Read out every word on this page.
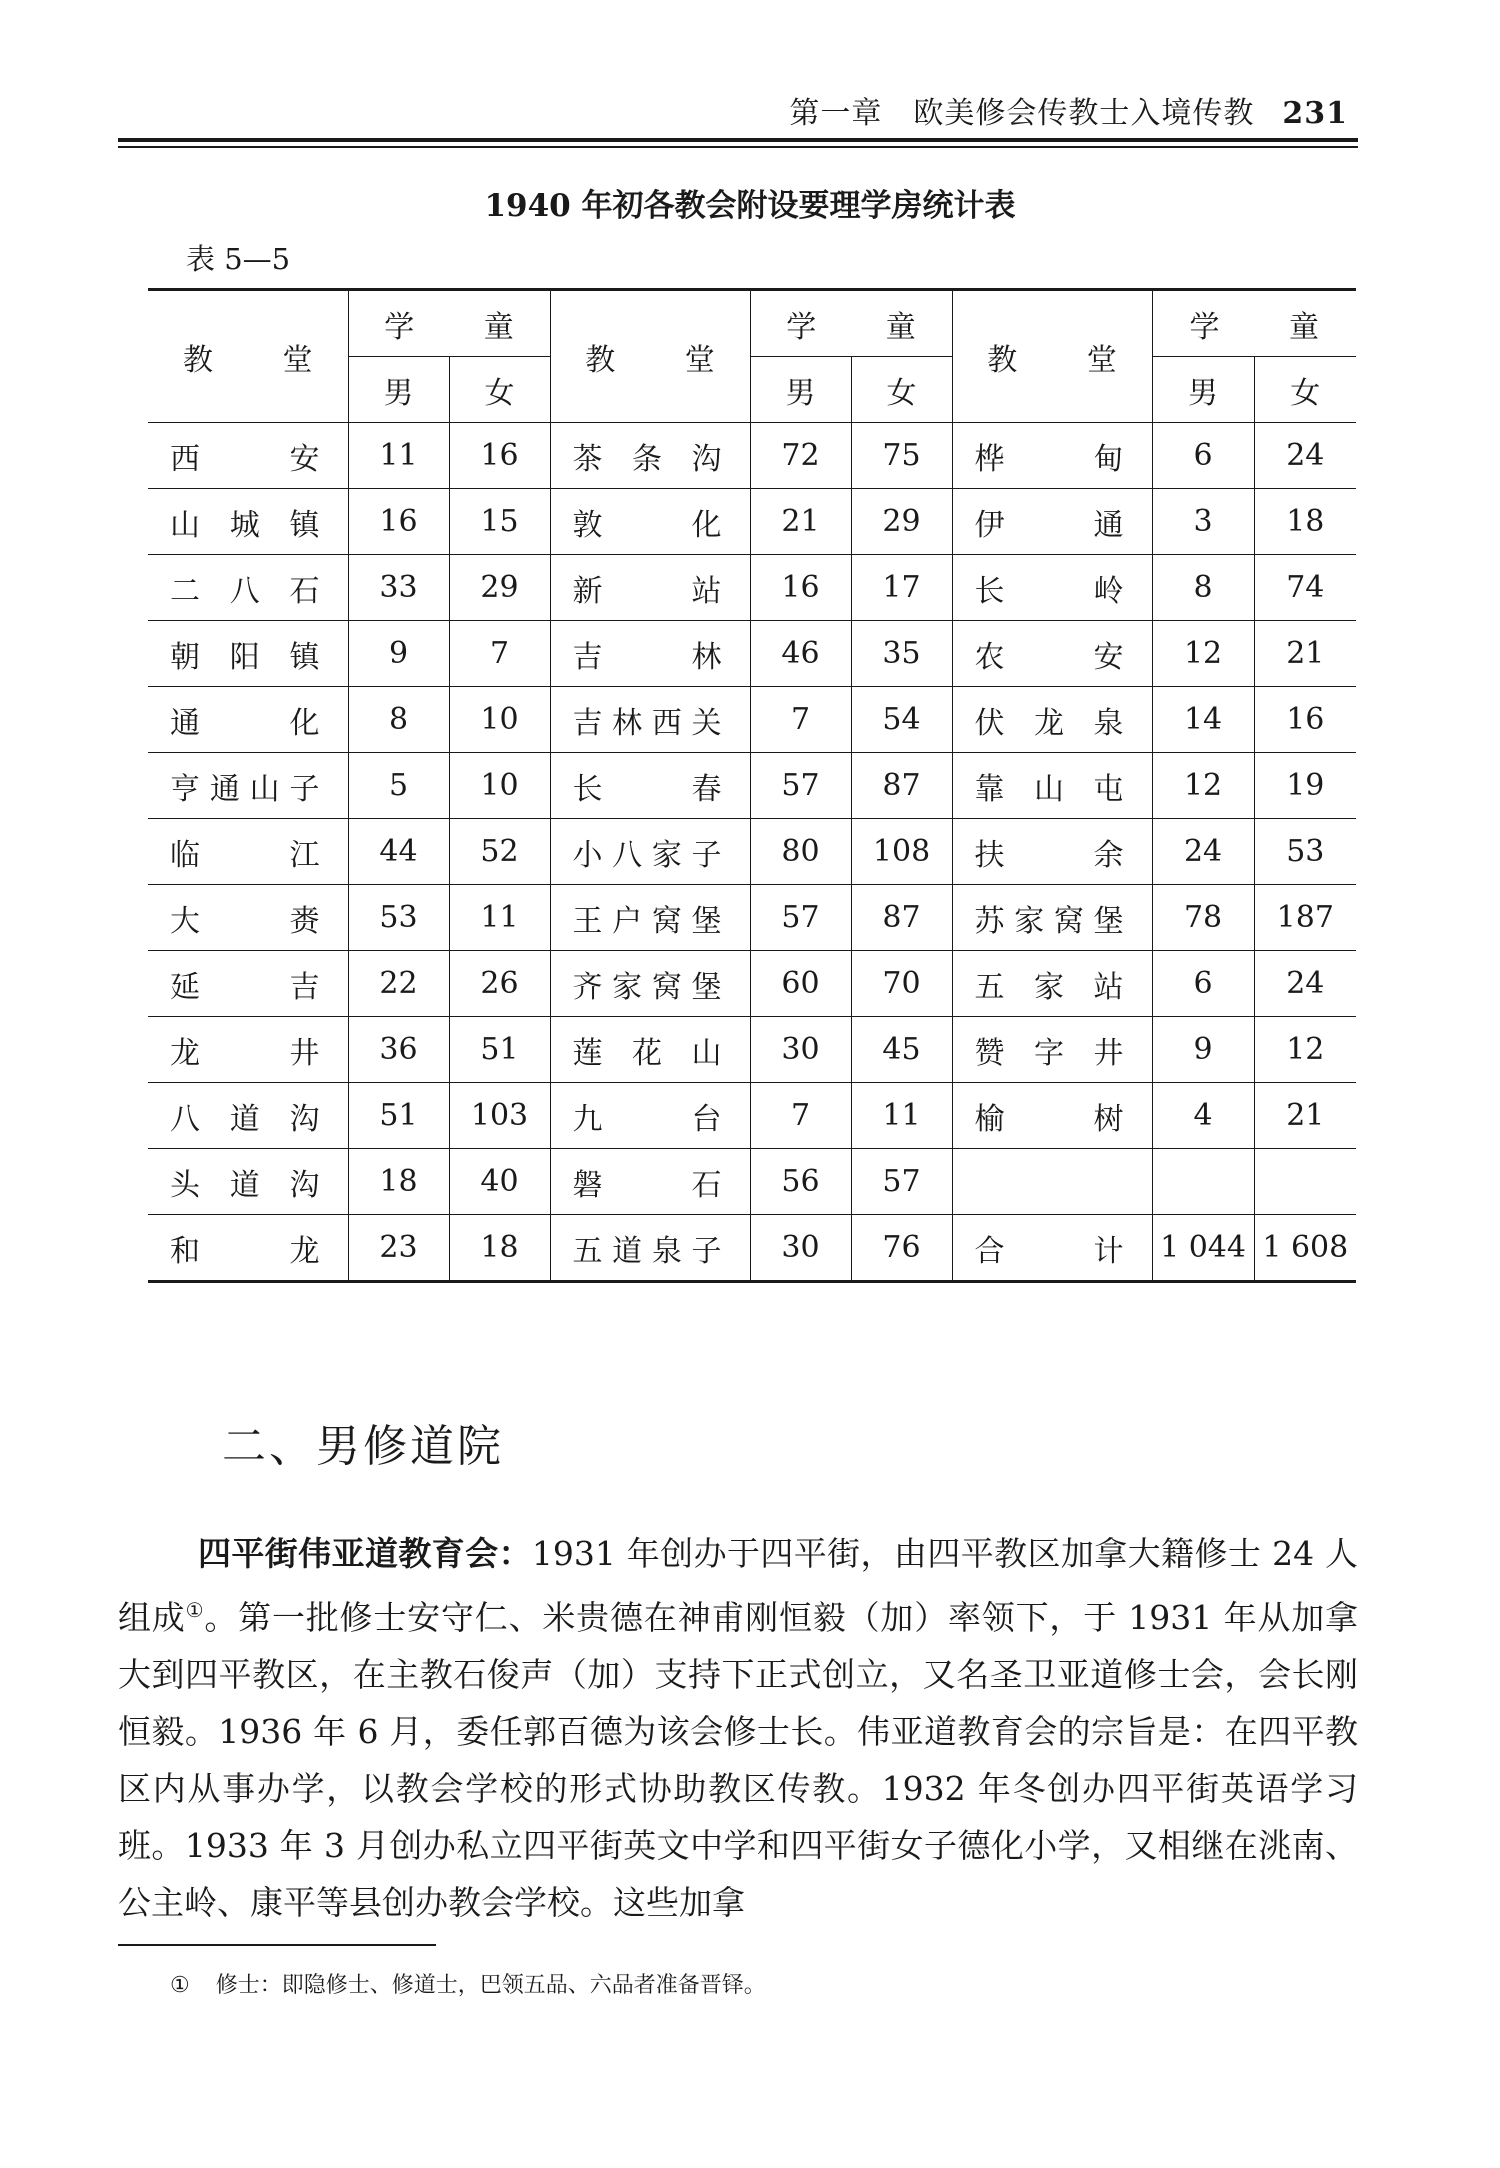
第一章　欧美修会传教士入境传教 231
1940 年初各教会附设要理学房统计表
表 5—5
教 堂	学 童		教 堂	学 童		教 堂	学 童	
	男	女		男	女		男	女
西安	11	16	茶条沟	72	75	桦甸	6	24
山城镇	16	15	敦化	21	29	伊通	3	18
二八石	33	29	新站	16	17	长岭	8	74
朝阳镇	9	7	吉林	46	35	农安	12	21
通化	8	10	吉林西关	7	54	伏龙泉	14	16
亨通山子	5	10	长春	57	87	靠山屯	12	19
临江	44	52	小八家子	80	108	扶余	24	53
大赉	53	11	王户窝堡	57	87	苏家窝堡	78	187
延吉	22	26	齐家窝堡	60	70	五家站	6	24
龙井	36	51	莲花山	30	45	赞字井	9	12
八道沟	51	103	九台	7	11	榆树	4	21
头道沟	18	40	磐石	56	57			
和龙	23	18	五道泉子	30	76	合计	1 044	1 608
二、男修道院
四平街伟亚道教育会：1931 年创办于四平街，由四平教区加拿大籍修士 24 人组成①。第一批修士安守仁、米贵德在神甫刚恒毅（加）率领下，于 1931 年从加拿大到四平教区，在主教石俊声（加）支持下正式创立，又名圣卫亚道修士会，会长刚恒毅。1936 年 6 月，委任郭百德为该会修士长。伟亚道教育会的宗旨是：在四平教区内从事办学，以教会学校的形式协助教区传教。1932 年冬创办四平街英语学习班。1933 年 3 月创办私立四平街英文中学和四平街女子德化小学，又相继在洮南、公主岭、康平等县创办教会学校。这些加拿
① 修士：即隐修士、修道士，巴领五品、六品者准备晋铎。
